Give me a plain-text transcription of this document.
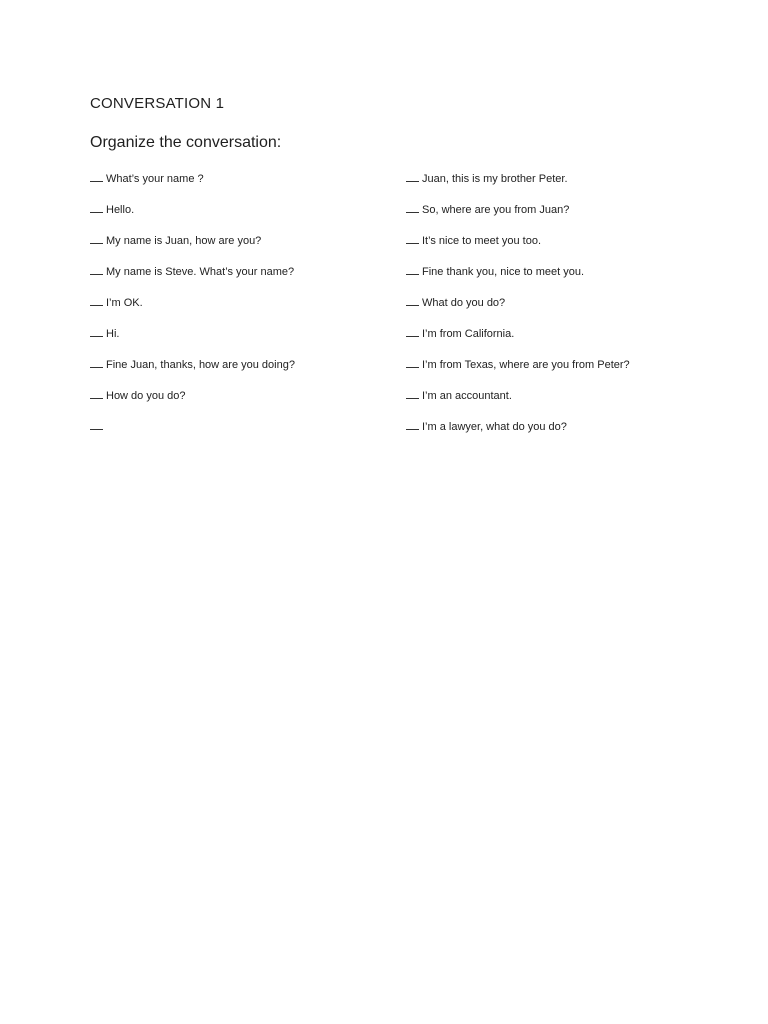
CONVERSATION 1
Organize the conversation:
What’s your name ?
Hello.
My name is Juan, how are you?
My name is Steve. What’s your name?
I’m OK.
Hi.
Fine Juan, thanks, how are you doing?
How do you do?
Juan, this is my brother Peter.
So, where are you from Juan?
It’s nice to meet you too.
Fine thank you, nice to meet you.
What do you do?
I’m from California.
I’m from Texas, where are you from Peter?
I’m an accountant.
I’m a lawyer, what do you do?
